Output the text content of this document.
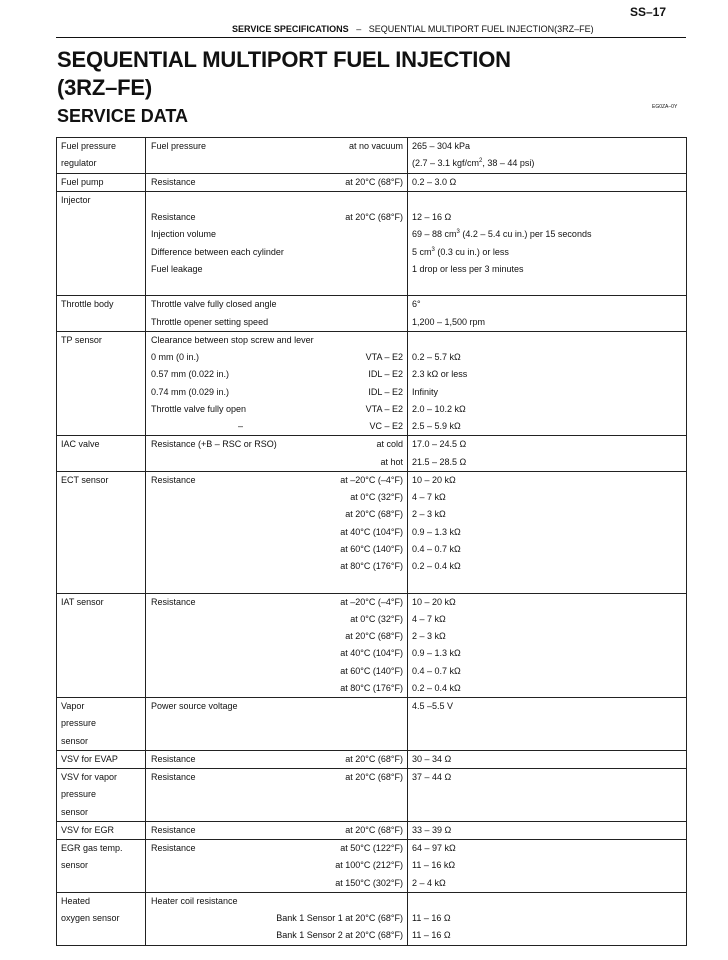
SS–17
SERVICE SPECIFICATIONS – SEQUENTIAL MULTIPORT FUEL INJECTION(3RZ–FE)
SEQUENTIAL MULTIPORT FUEL INJECTION
(3RZ–FE)
SERVICE DATA	EG0ZA–0Y
Fuel pressure	Fuel pressure at no vacuum	265 – 304 kPa

regulator		(2.7 – 3.1 kgf/$cm^2$, 38 – 44 psi)

Fuel pump	Resistance at 20°C (68°F)	0.2 – 3.0 Ω

Injector		

	Resistance at 20°C (68°F)	12 – 16 Ω

	Injection volume	69 – 88 $cm^3$ (4.2 – 5.4 cu in.) per 15 seconds

	Difference between each cylinder	5 $cm^3$ (0.3 cu in.) or less

	Fuel leakage	1 drop or less per 3 minutes

Throttle body	Throttle valve fully closed angle	6°

	Throttle opener setting speed	1,200 – 1,500 rpm

TP sensor	Clearance between stop screw and lever	

	0 mm (0 in.) VTA – E2	0.2 – 5.7 kΩ

	0.57 mm (0.022 in.) IDL – E2	2.3 kΩ or less

	0.74 mm (0.029 in.) IDL – E2	Infinity

	Throttle valve fully open VTA – E2	2.0 – 10.2 kΩ

	– VC – E2	2.5 – 5.9 kΩ

IAC valve	Resistance (+B – RSC or RSO) at cold	17.0 – 24.5 Ω

	at hot	21.5 – 28.5 Ω

ECT sensor	Resistance at –20°C (–4°F)	10 – 20 kΩ

	at 0°C (32°F)	4 – 7 kΩ

	at 20°C (68°F)	2 – 3 kΩ

	at 40°C (104°F)	0.9 – 1.3 kΩ

	at 60°C (140°F)	0.4 – 0.7 kΩ

	at 80°C (176°F)	0.2 – 0.4 kΩ

IAT sensor	Resistance at –20°C (–4°F)	10 – 20 kΩ

	at 0°C (32°F)	4 – 7 kΩ

	at 20°C (68°F)	2 – 3 kΩ

	at 40°C (104°F)	0.9 – 1.3 kΩ

	at 60°C (140°F)	0.4 – 0.7 kΩ

	at 80°C (176°F)	0.2 – 0.4 kΩ

Vapor	Power source voltage	4.5 –5.5 V

pressure		

sensor		

VSV for EVAP	Resistance at 20°C (68°F)	30 – 34 Ω

VSV for vapor	Resistance at 20°C (68°F)	37 – 44 Ω

pressure		

sensor		

VSV for EGR	Resistance at 20°C (68°F)	33 – 39 Ω

EGR gas temp.	Resistance at 50°C (122°F)	64 – 97 kΩ

sensor	at 100°C (212°F)	11 – 16 kΩ

	at 150°C (302°F)	2 – 4 kΩ

Heated	Heater coil resistance	

oxygen sensor	Bank 1 Sensor 1 at 20°C (68°F)	11 – 16 Ω

	Bank 1 Sensor 2 at 20°C (68°F)	11 – 16 Ω
